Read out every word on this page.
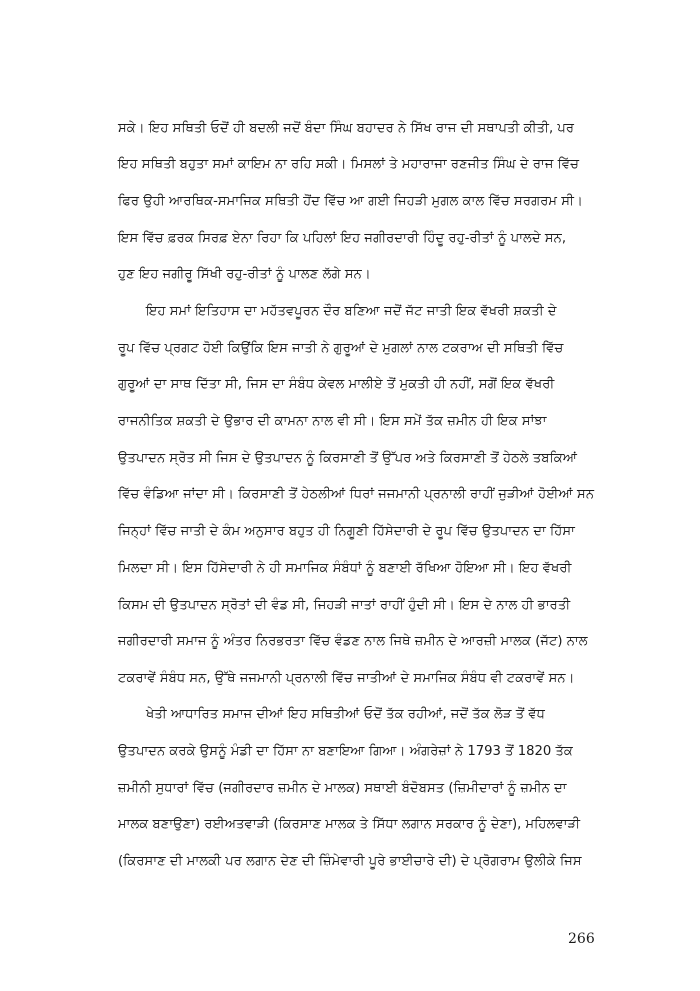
ਸਕੇ। ਇਹ ਸਥਿਤੀ ਓਦੋਂ ਹੀ ਬਦਲੀ ਜਦੋਂ ਬੰਦਾ ਸਿੰਘ ਬਹਾਦਰ ਨੇ ਸਿੱਖ ਰਾਜ ਦੀ ਸਥਾਪਤੀ ਕੀਤੀ, ਪਰ
ਇਹ ਸਥਿਤੀ ਬਹੁਤਾ ਸਮਾਂ ਕਾਇਮ ਨਾ ਰਹਿ ਸਕੀ। ਮਿਸਲਾਂ ਤੇ ਮਹਾਰਾਜਾ ਰਣਜੀਤ ਸਿੰਘ ਦੇ ਰਾਜ ਵਿੱਚ
ਫਿਰ ਉਹੀ ਆਰਥਿਕ-ਸਮਾਜਿਕ ਸਥਿਤੀ ਹੋਂਦ ਵਿੱਚ ਆ ਗਈ ਜਿਹੜੀ ਮੁਗਲ ਕਾਲ ਵਿੱਚ ਸਰਗਰਮ ਸੀ।
ਇਸ ਵਿੱਚ ਫ਼ਰਕ ਸਿਰਫ਼ ਏਨਾ ਰਿਹਾ ਕਿ ਪਹਿਲਾਂ ਇਹ ਜਗੀਰਦਾਰੀ ਹਿੰਦੂ ਰਹੁ-ਰੀਤਾਂ ਨੂੰ ਪਾਲਦੇ ਸਨ,
ਹੁਣ ਇਹ ਜਗੀਰੂ ਸਿੱਖੀ ਰਹੁ-ਰੀਤਾਂ ਨੂੰ ਪਾਲਣ ਲੱਗੇ ਸਨ।
ਇਹ ਸਮਾਂ ਇਤਿਹਾਸ ਦਾ ਮਹੱਤਵਪੂਰਨ ਦੌਰ ਬਣਿਆ ਜਦੋਂ ਜੱਟ ਜਾਤੀ ਇਕ ਵੱਖਰੀ ਸ਼ਕਤੀ ਦੇ
ਰੂਪ ਵਿੱਚ ਪ੍ਰਗਟ ਹੋਈ ਕਿਉਂਕਿ ਇਸ ਜਾਤੀ ਨੇ ਗੁਰੂਆਂ ਦੇ ਮੁਗਲਾਂ ਨਾਲ ਟਕਰਾਅ ਦੀ ਸਥਿਤੀ ਵਿੱਚ
ਗੁਰੂਆਂ ਦਾ ਸਾਥ ਦਿੱਤਾ ਸੀ, ਜਿਸ ਦਾ ਸੰਬੰਧ ਕੇਵਲ ਮਾਲੀਏ ਤੋਂ ਮੁਕਤੀ ਹੀ ਨਹੀਂ, ਸਗੋਂ ਇਕ ਵੱਖਰੀ
ਰਾਜਨੀਤਿਕ ਸ਼ਕਤੀ ਦੇ ਉਭਾਰ ਦੀ ਕਾਮਨਾ ਨਾਲ ਵੀ ਸੀ। ਇਸ ਸਮੇਂ ਤੱਕ ਜ਼ਮੀਨ ਹੀ ਇਕ ਸਾਂਝਾ
ਉਤਪਾਦਨ ਸ੍ਰੋਤ ਸੀ ਜਿਸ ਦੇ ਉਤਪਾਦਨ ਨੂੰ ਕਿਰਸਾਣੀ ਤੋਂ ਉੱਪਰ ਅਤੇ ਕਿਰਸਾਣੀ ਤੋਂ ਹੇਠਲੇ ਤਬਕਿਆਂ
ਵਿੱਚ ਵੰਡਿਆ ਜਾਂਦਾ ਸੀ। ਕਿਰਸਾਣੀ ਤੋਂ ਹੇਠਲੀਆਂ ਧਿਰਾਂ ਜਜਮਾਨੀ ਪ੍ਰਨਾਲੀ ਰਾਹੀਂ ਜੁੜੀਆਂ ਹੋਈਆਂ ਸਨ
ਜਿਨ੍ਹਾਂ ਵਿੱਚ ਜਾਤੀ ਦੇ ਕੰਮ ਅਨੁਸਾਰ ਬਹੁਤ ਹੀ ਨਿਗੂਣੀ ਹਿੱਸੇਦਾਰੀ ਦੇ ਰੂਪ ਵਿੱਚ ਉਤਪਾਦਨ ਦਾ ਹਿੱਸਾ
ਮਿਲਦਾ ਸੀ। ਇਸ ਹਿੱਸੇਦਾਰੀ ਨੇ ਹੀ ਸਮਾਜਿਕ ਸੰਬੰਧਾਂ ਨੂੰ ਬਣਾਈ ਰੱਖਿਆ ਹੋਇਆ ਸੀ। ਇਹ ਵੱਖਰੀ
ਕਿਸਮ ਦੀ ਉਤਪਾਦਨ ਸ੍ਰੋਤਾਂ ਦੀ ਵੰਡ ਸੀ, ਜਿਹੜੀ ਜਾਤਾਂ ਰਾਹੀਂ ਹੁੰਦੀ ਸੀ। ਇਸ ਦੇ ਨਾਲ ਹੀ ਭਾਰਤੀ
ਜਗੀਰਦਾਰੀ ਸਮਾਜ ਨੂੰ ਅੰਤਰ ਨਿਰਭਰਤਾ ਵਿੱਚ ਵੰਡਣ ਨਾਲ ਜਿਥੇ ਜ਼ਮੀਨ ਦੇ ਆਰਜ਼ੀ ਮਾਲਕ (ਜੱਟ) ਨਾਲ
ਟਕਰਾਵੇਂ ਸੰਬੰਧ ਸਨ, ਉੱਥੇ ਜਜਮਾਨੀ ਪ੍ਰਨਾਲੀ ਵਿੱਚ ਜਾਤੀਆਂ ਦੇ ਸਮਾਜਿਕ ਸੰਬੰਧ ਵੀ ਟਕਰਾਵੇਂ ਸਨ।
ਖੇਤੀ ਆਧਾਰਿਤ ਸਮਾਜ ਦੀਆਂ ਇਹ ਸਥਿਤੀਆਂ ਓਦੋਂ ਤੱਕ ਰਹੀਆਂ, ਜਦੋਂ ਤੱਕ ਲੋੜ ਤੋਂ ਵੱਧ
ਉਤਪਾਦਨ ਕਰਕੇ ਉਸਨੂੰ ਮੰਡੀ ਦਾ ਹਿੱਸਾ ਨਾ ਬਣਾਇਆ ਗਿਆ। ਅੰਗਰੇਜ਼ਾਂ ਨੇ 1793 ਤੋਂ 1820 ਤੱਕ
ਜ਼ਮੀਨੀ ਸੁਧਾਰਾਂ ਵਿੱਚ (ਜਗੀਰਦਾਰ ਜ਼ਮੀਨ ਦੇ ਮਾਲਕ) ਸਥਾਈ ਬੰਦੋਬਸਤ (ਜ਼ਿਮੀਦਾਰਾਂ ਨੂੰ ਜ਼ਮੀਨ ਦਾ
ਮਾਲਕ ਬਣਾਉਣਾ) ਰਈਅਤਵਾੜੀ (ਕਿਰਸਾਣ ਮਾਲਕ ਤੇ ਸਿੱਧਾ ਲਗਾਨ ਸਰਕਾਰ ਨੂੰ ਦੇਣਾ), ਮਹਿਲਵਾੜੀ
(ਕਿਰਸਾਣ ਦੀ ਮਾਲਕੀ ਪਰ ਲਗਾਨ ਦੇਣ ਦੀ ਜ਼ਿੰਮੇਵਾਰੀ ਪੂਰੇ ਭਾਈਚਾਰੇ ਦੀ) ਦੇ ਪ੍ਰੋਗਰਾਮ ਉਲੀਕੇ ਜਿਸ
266
